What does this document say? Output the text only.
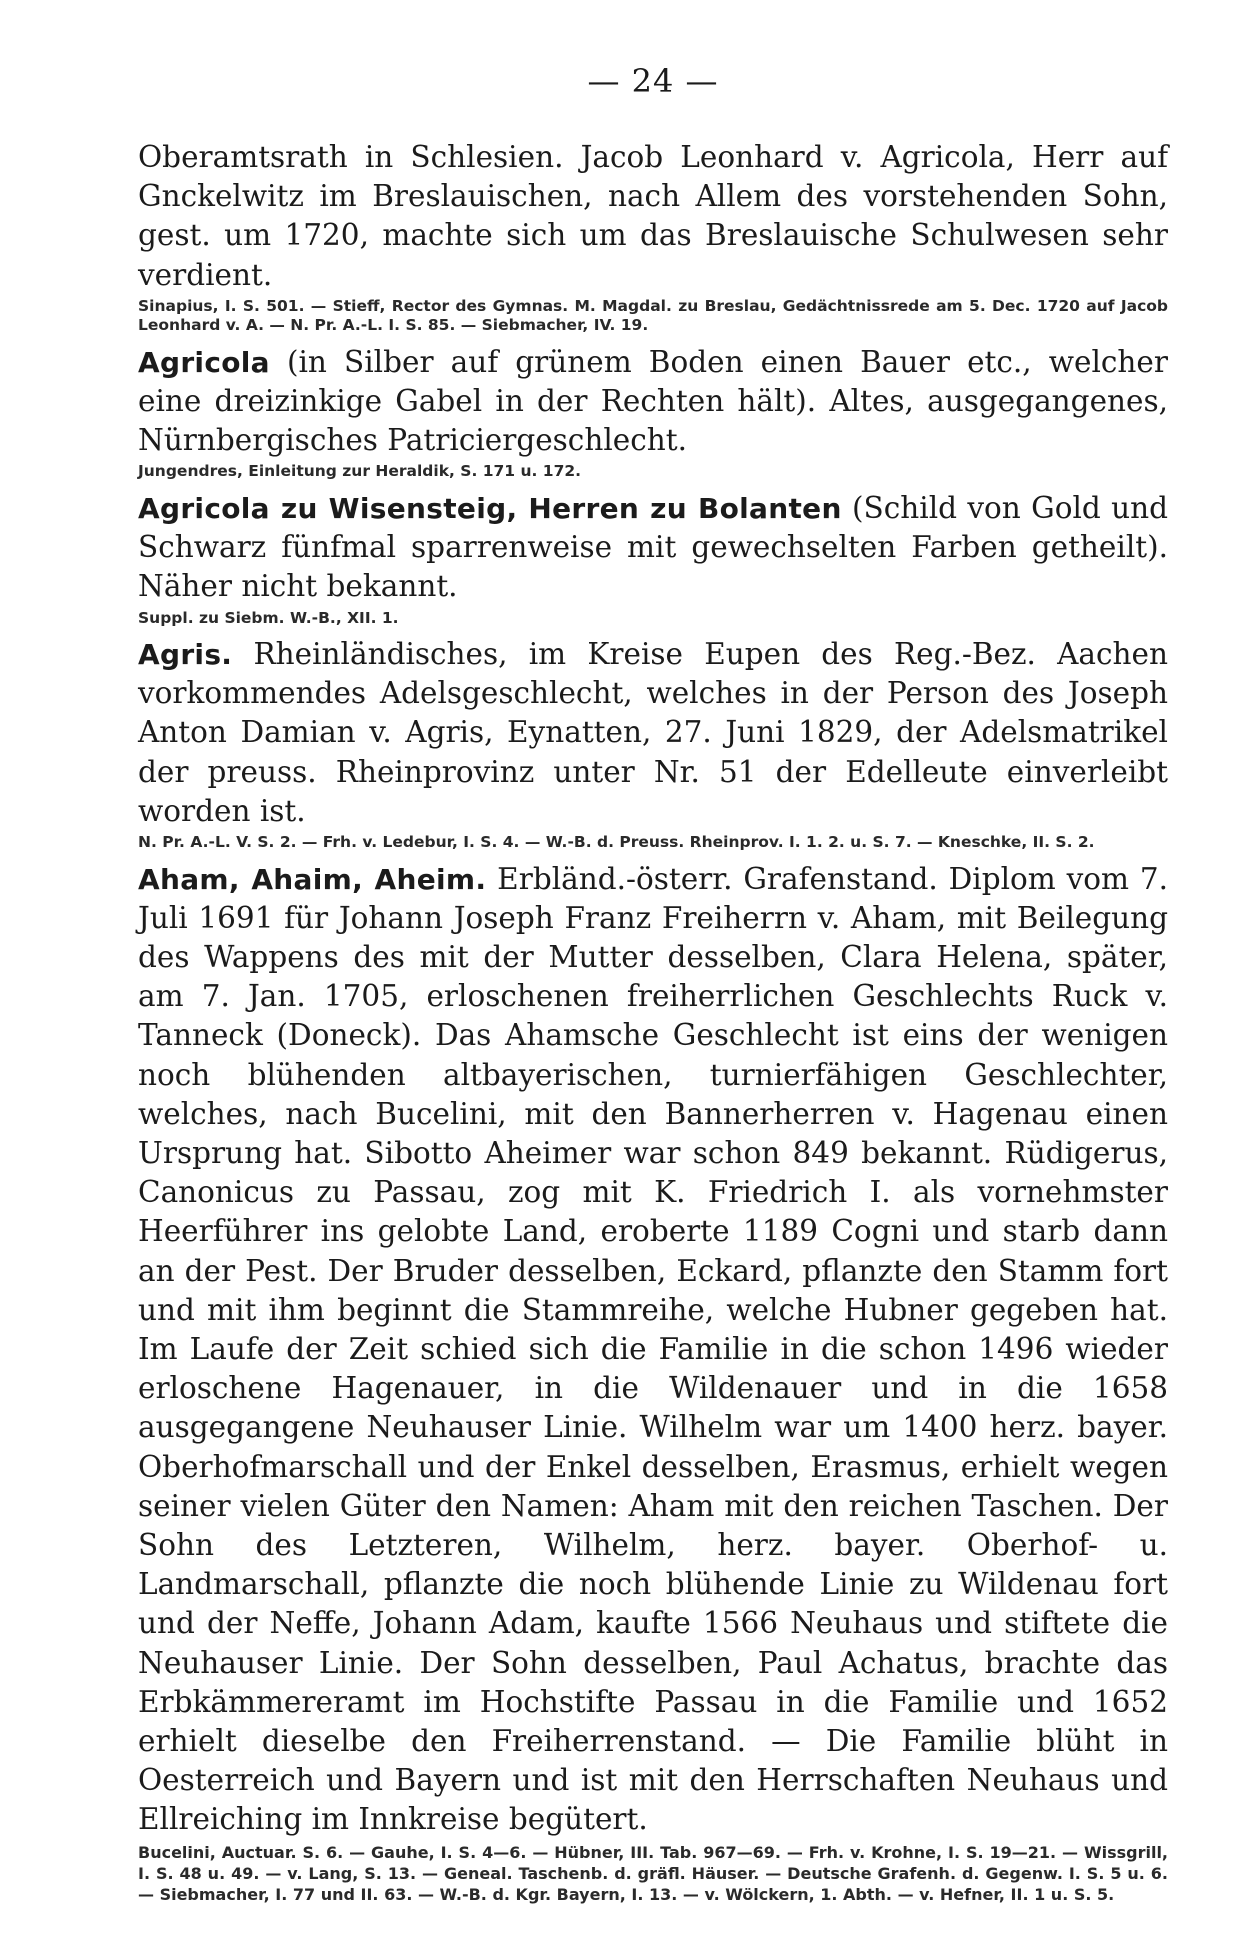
— 24 —

Oberamtsrath in Schlesien. Jacob Leonhard v. Agricola, Herr auf Gnckelwitz im Breslauischen, nach Allem des vorstehenden Sohn, gest. um 1720, machte sich um das Breslauische Schulwesen sehr verdient.

Sinapius, I. S. 501. — Stieff, Rector des Gymnas. M. Magdal. zu Breslau, Gedächtnissrede am 5. Dec. 1720 auf Jacob Leonhard v. A. — N. Pr. A.-L. I. S. 85. — Siebmacher, IV. 19.

Agricola (in Silber auf grünem Boden einen Bauer etc., welcher eine dreizinkige Gabel in der Rechten hält). Altes, ausgegangenes, Nürnbergisches Patriciergeschlecht.

Jungendres, Einleitung zur Heraldik, S. 171 u. 172.

Agricola zu Wisensteig, Herren zu Bolanten (Schild von Gold und Schwarz fünfmal sparrenweise mit gewechselten Farben getheilt). Näher nicht bekannt.

Suppl. zu Siebm. W.-B., XII. 1.

Agris. Rheinländisches, im Kreise Eupen des Reg.-Bez. Aachen vorkommendes Adelsgeschlecht, welches in der Person des Joseph Anton Damian v. Agris, Eynatten, 27. Juni 1829, der Adelsmatrikel der preuss. Rheinprovinz unter Nr. 51 der Edelleute einverleibt worden ist.

N. Pr. A.-L. V. S. 2. — Frh. v. Ledebur, I. S. 4. — W.-B. d. Preuss. Rheinprov. I. 1. 2. u. S. 7. — Kneschke, II. S. 2.

Aham, Ahaim, Aheim. Erbländ.-österr. Grafenstand. Diplom vom 7. Juli 1691 für Johann Joseph Franz Freiherrn v. Aham, mit Beilegung des Wappens des mit der Mutter desselben, Clara Helena, später, am 7. Jan. 1705, erloschenen freiherrlichen Geschlechts Ruck v. Tanneck (Doneck). Das Ahamsche Geschlecht ist eins der wenigen noch blühenden altbayerischen, turnierfähigen Geschlechter, welches, nach Bucelini, mit den Bannerherren v. Hagenau einen Ursprung hat. Sibotto Aheimer war schon 849 bekannt. Rüdigerus, Canonicus zu Passau, zog mit K. Friedrich I. als vornehmster Heerführer ins gelobte Land, eroberte 1189 Cogni und starb dann an der Pest. Der Bruder desselben, Eckard, pflanzte den Stamm fort und mit ihm beginnt die Stammreihe, welche Hubner gegeben hat. Im Laufe der Zeit schied sich die Familie in die schon 1496 wieder erloschene Hagenauer, in die Wildenauer und in die 1658 ausgegangene Neuhauser Linie. Wilhelm war um 1400 herz. bayer. Oberhofmarschall und der Enkel desselben, Erasmus, erhielt wegen seiner vielen Güter den Namen: Aham mit den reichen Taschen. Der Sohn des Letzteren, Wilhelm, herz. bayer. Oberhof- u. Landmarschall, pflanzte die noch blühende Linie zu Wildenau fort und der Neffe, Johann Adam, kaufte 1566 Neuhaus und stiftete die Neuhauser Linie. Der Sohn desselben, Paul Achatus, brachte das Erbkämmereramt im Hochstifte Passau in die Familie und 1652 erhielt dieselbe den Freiherrenstand. — Die Familie blüht in Oesterreich und Bayern und ist mit den Herrschaften Neuhaus und Ellreiching im Innkreise begütert.

Bucelini, Auctuar. S. 6. — Gauhe, I. S. 4—6. — Hübner, III. Tab. 967—69. — Frh. v. Krohne, I. S. 19—21. — Wissgrill, I. S. 48 u. 49. — v. Lang, S. 13. — Geneal. Taschenb. d. gräfl. Häuser. — Deutsche Grafenh. d. Gegenw. I. S. 5 u. 6. — Siebmacher, I. 77 und II. 63. — W.-B. d. Kgr. Bayern, I. 13. — v. Wölckern, 1. Abth. — v. Hefner, II. 1 u. S. 5.
